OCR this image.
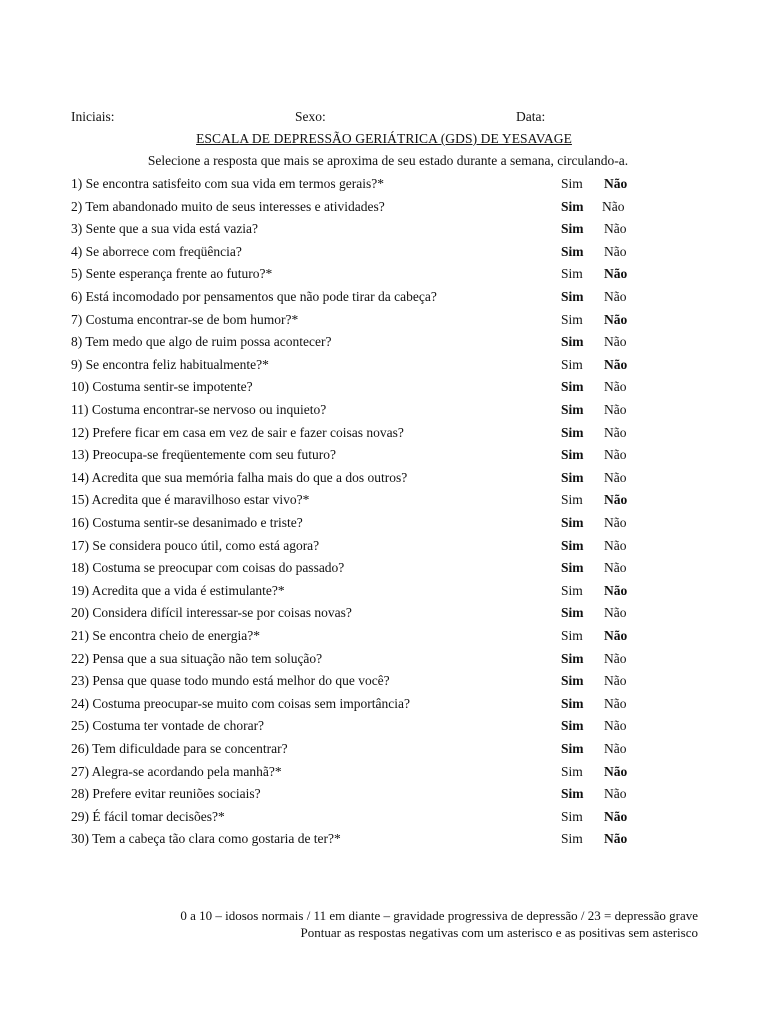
Iniciais:	Sexo:	Data:
ESCALA DE DEPRESSÃO GERIÁTRICA (GDS) DE YESAVAGE
Selecione a resposta que mais se aproxima de seu estado durante a semana, circulando-a.
1) Se encontra satisfeito com sua vida em termos gerais?*	Sim Não
2) Tem abandonado muito de seus interesses e atividades?	Sim Não
3) Sente que a sua vida está vazia?	Sim Não
4) Se aborrece com freqüência?	Sim Não
5) Sente esperança frente ao futuro?*	Sim Não
6) Está incomodado por pensamentos que não pode tirar da cabeça?	Sim Não
7) Costuma encontrar-se de bom humor?*	Sim Não
8) Tem medo que algo de ruim possa acontecer?	Sim Não
9) Se encontra feliz habitualmente?*	Sim Não
10) Costuma sentir-se impotente?	Sim Não
11) Costuma encontrar-se nervoso ou inquieto?	Sim Não
12) Prefere ficar em casa em vez de sair e fazer coisas novas?	Sim Não
13) Preocupa-se freqüentemente com seu futuro?	Sim Não
14) Acredita que sua memória falha mais do que a dos outros?	Sim Não
15) Acredita que é maravilhoso estar vivo?*	Sim Não
16) Costuma sentir-se desanimado e triste?	Sim Não
17) Se considera pouco útil, como está agora?	Sim Não
18) Costuma se preocupar com coisas do passado?	Sim Não
19) Acredita que a vida é estimulante?*	Sim Não
20) Considera difícil interessar-se por coisas novas?	Sim Não
21) Se encontra cheio de energia?*	Sim Não
22) Pensa que a sua situação não tem solução?	Sim Não
23) Pensa que quase todo mundo está melhor do que você?	Sim Não
24) Costuma preocupar-se muito com coisas sem importância?	Sim Não
25) Costuma ter vontade de chorar?	Sim Não
26) Tem dificuldade para se concentrar?	Sim Não
27) Alegra-se acordando pela manhã?*	Sim Não
28) Prefere evitar reuniões sociais?	Sim Não
29) É fácil tomar decisões?*	Sim Não
30) Tem a cabeça tão clara como gostaria de ter?*	Sim Não
0 a 10 – idosos normais / 11 em diante – gravidade progressiva de depressão / 23 = depressão grave
Pontuar as respostas negativas com um asterisco e as positivas sem asterisco
